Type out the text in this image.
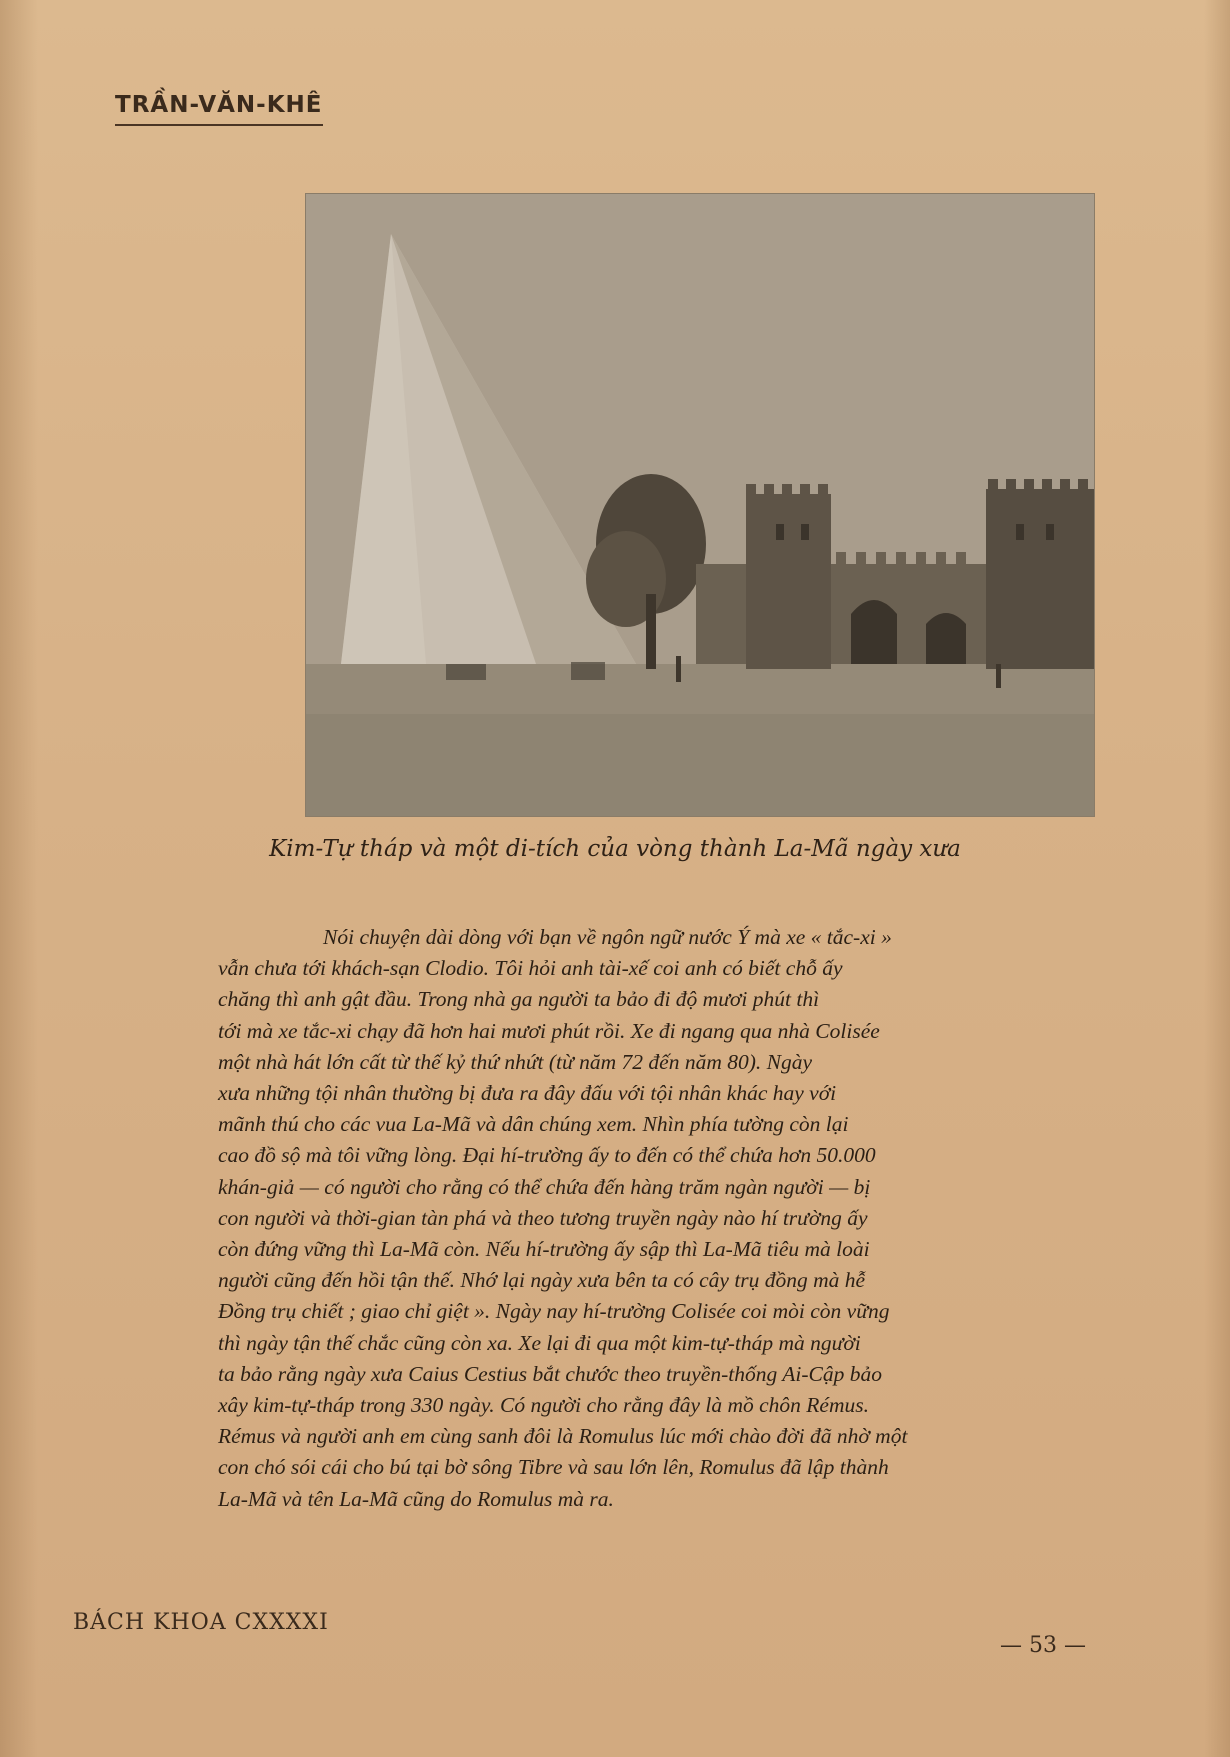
TRẦN-VĂN-KHÊ
Kim-Tự tháp và một di-tích của vòng thành La-Mã ngày xưa
Nói chuyện dài dòng với bạn về ngôn ngữ nước Ý mà xe « tắc-xi »
vẫn chưa tới khách-sạn Clodio. Tôi hỏi anh tài-xế coi anh có biết chỗ ấy
chăng thì anh gật đầu. Trong nhà ga người ta bảo đi độ mươi phút thì
tới mà xe tắc-xi chạy đã hơn hai mươi phút rồi. Xe đi ngang qua nhà Colisée
một nhà hát lớn cất từ thế kỷ thứ nhứt (từ năm 72 đến năm 80). Ngày
xưa những tội nhân thường bị đưa ra đây đấu với tội nhân khác hay với
mãnh thú cho các vua La-Mã và dân chúng xem. Nhìn phía tường còn lại
cao đồ sộ mà tôi vững lòng. Đại hí-trường ấy to đến có thể chứa hơn 50.000
khán-giả — có người cho rằng có thể chứa đến hàng trăm ngàn người — bị
con người và thời-gian tàn phá và theo tương truyền ngày nào hí trường ấy
còn đứng vững thì La-Mã còn. Nếu hí-trường ấy sập thì La-Mã tiêu mà loài
người cũng đến hồi tận thế. Nhớ lại ngày xưa bên ta có cây trụ đồng mà hễ
Đồng trụ chiết ; giao chỉ giệt ». Ngày nay hí-trường Colisée coi mòi còn vững
thì ngày tận thế chắc cũng còn xa. Xe lại đi qua một kim-tự-tháp mà người
ta bảo rằng ngày xưa Caius Cestius bắt chước theo truyền-thống Ai-Cập bảo
xây kim-tự-tháp trong 330 ngày. Có người cho rằng đây là mồ chôn Rémus.
Rémus và người anh em cùng sanh đôi là Romulus lúc mới chào đời đã nhờ một
con chó sói cái cho bú tại bờ sông Tibre và sau lớn lên, Romulus đã lập thành
La-Mã và tên La-Mã cũng do Romulus mà ra.
BÁCH KHOA CXXXXI
— 53 —
